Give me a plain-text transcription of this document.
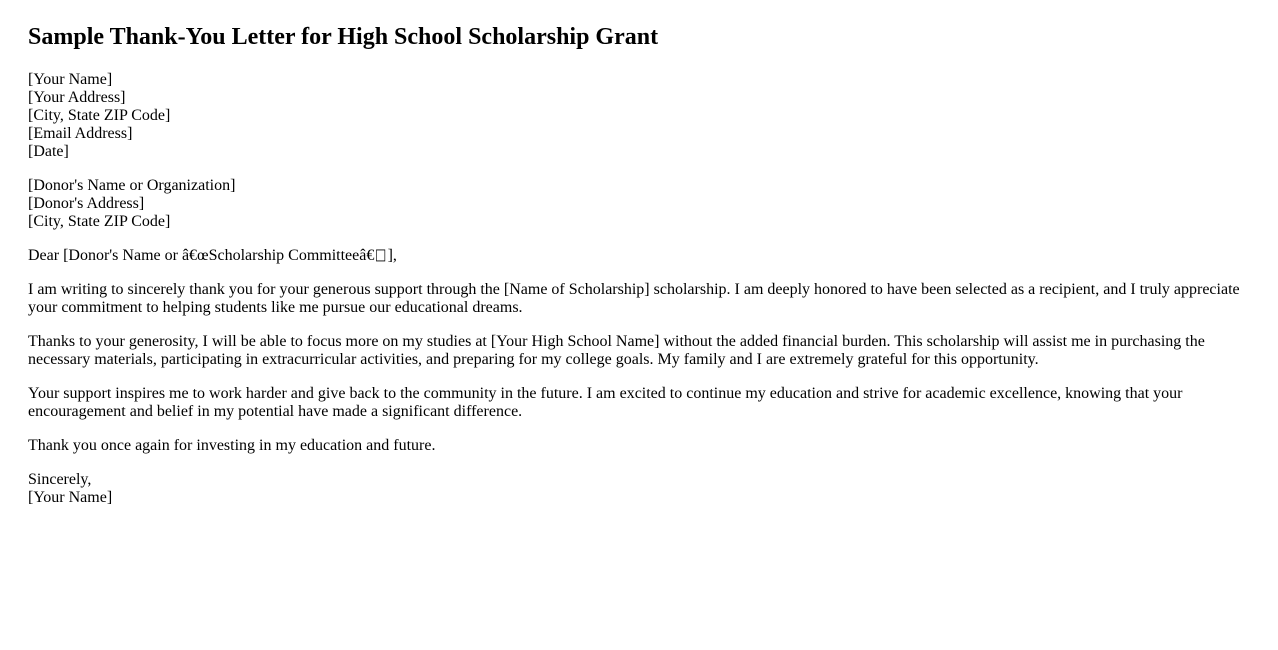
Sample Thank-You Letter for High School Scholarship Grant

[Your Name]
[Your Address]
[City, State ZIP Code]
[Email Address]
[Date]

[Donor's Name or Organization]
[Donor's Address]
[City, State ZIP Code]

Dear [Donor's Name or â€œScholarship Committeeâ€□],

I am writing to sincerely thank you for your generous support through the [Name of Scholarship] scholarship. I am deeply honored to have been selected as a recipient, and I truly appreciate your commitment to helping students like me pursue our educational dreams.

Thanks to your generosity, I will be able to focus more on my studies at [Your High School Name] without the added financial burden. This scholarship will assist me in purchasing the necessary materials, participating in extracurricular activities, and preparing for my college goals. My family and I are extremely grateful for this opportunity.

Your support inspires me to work harder and give back to the community in the future. I am excited to continue my education and strive for academic excellence, knowing that your encouragement and belief in my potential have made a significant difference.

Thank you once again for investing in my education and future.

Sincerely,
[Your Name]
